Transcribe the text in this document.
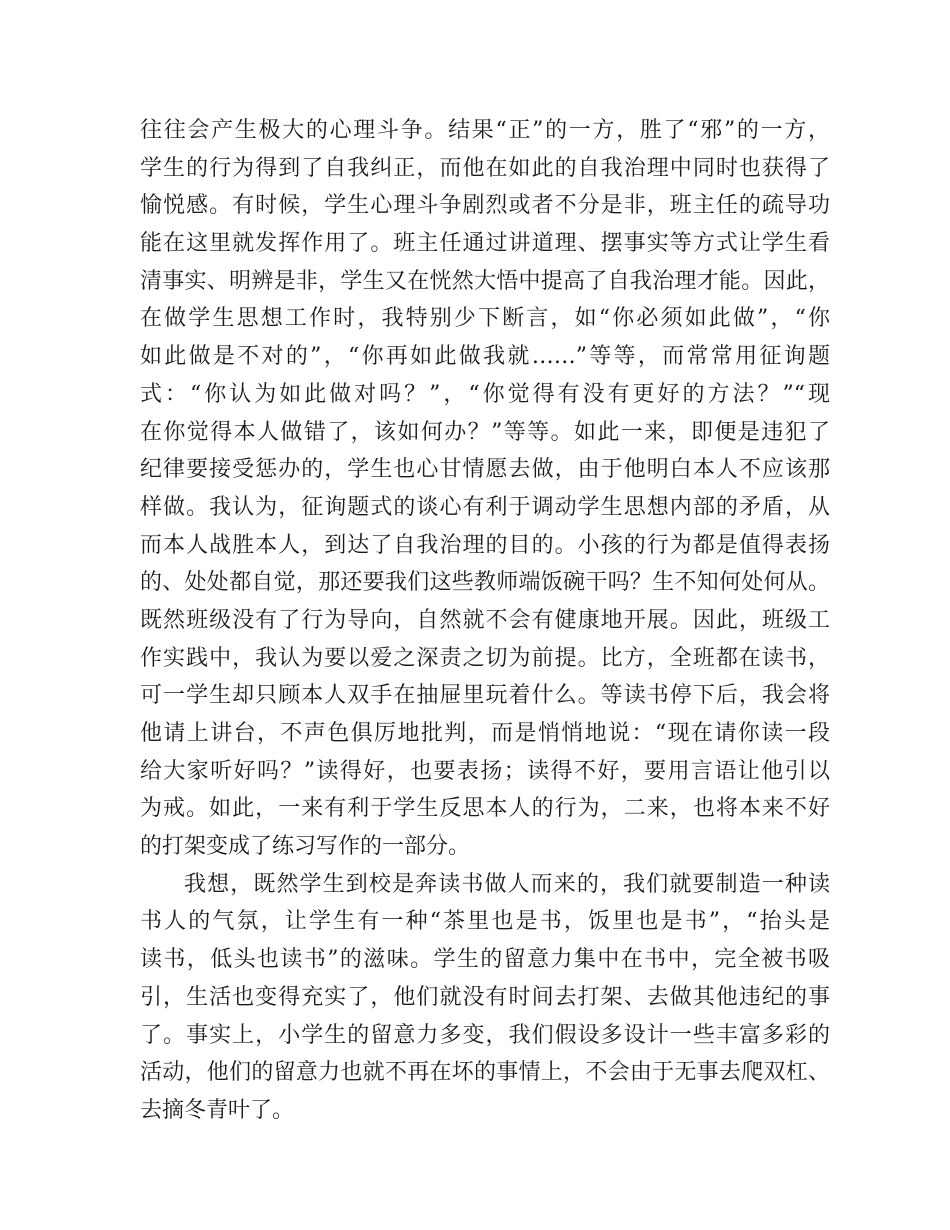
往往会产生极大的心理斗争。结果“正”的一方，胜了“邪”的一方，
学生的行为得到了自我纠正，而他在如此的自我治理中同时也获得了
愉悦感。有时候，学生心理斗争剧烈或者不分是非，班主任的疏导功
能在这里就发挥作用了。班主任通过讲道理、摆事实等方式让学生看
清事实、明辨是非，学生又在恍然大悟中提高了自我治理才能。因此，
在做学生思想工作时，我特别少下断言，如“你必须如此做”，“你
如此做是不对的”，“你再如此做我就……”等等，而常常用征询题
式：“你认为如此做对吗？”，“你觉得有没有更好的方法？”“现
在你觉得本人做错了，该如何办？”等等。如此一来，即便是违犯了
纪律要接受惩办的，学生也心甘情愿去做，由于他明白本人不应该那
样做。我认为，征询题式的谈心有利于调动学生思想内部的矛盾，从
而本人战胜本人，到达了自我治理的目的。小孩的行为都是值得表扬
的、处处都自觉，那还要我们这些教师端饭碗干吗？生不知何处何从。
既然班级没有了行为导向，自然就不会有健康地开展。因此，班级工
作实践中，我认为要以爱之深责之切为前提。比方，全班都在读书，
可一学生却只顾本人双手在抽屉里玩着什么。等读书停下后，我会将
他请上讲台，不声色俱厉地批判，而是悄悄地说：“现在请你读一段
给大家听好吗？”读得好，也要表扬；读得不好，要用言语让他引以
为戒。如此，一来有利于学生反思本人的行为，二来，也将本来不好
的打架变成了练习写作的一部分。
我想，既然学生到校是奔读书做人而来的，我们就要制造一种读
书人的气氛，让学生有一种“茶里也是书，饭里也是书”，“抬头是
读书，低头也读书”的滋味。学生的留意力集中在书中，完全被书吸
引，生活也变得充实了，他们就没有时间去打架、去做其他违纪的事
了。事实上，小学生的留意力多变，我们假设多设计一些丰富多彩的
活动，他们的留意力也就不再在坏的事情上，不会由于无事去爬双杠、
去摘冬青叶了。
